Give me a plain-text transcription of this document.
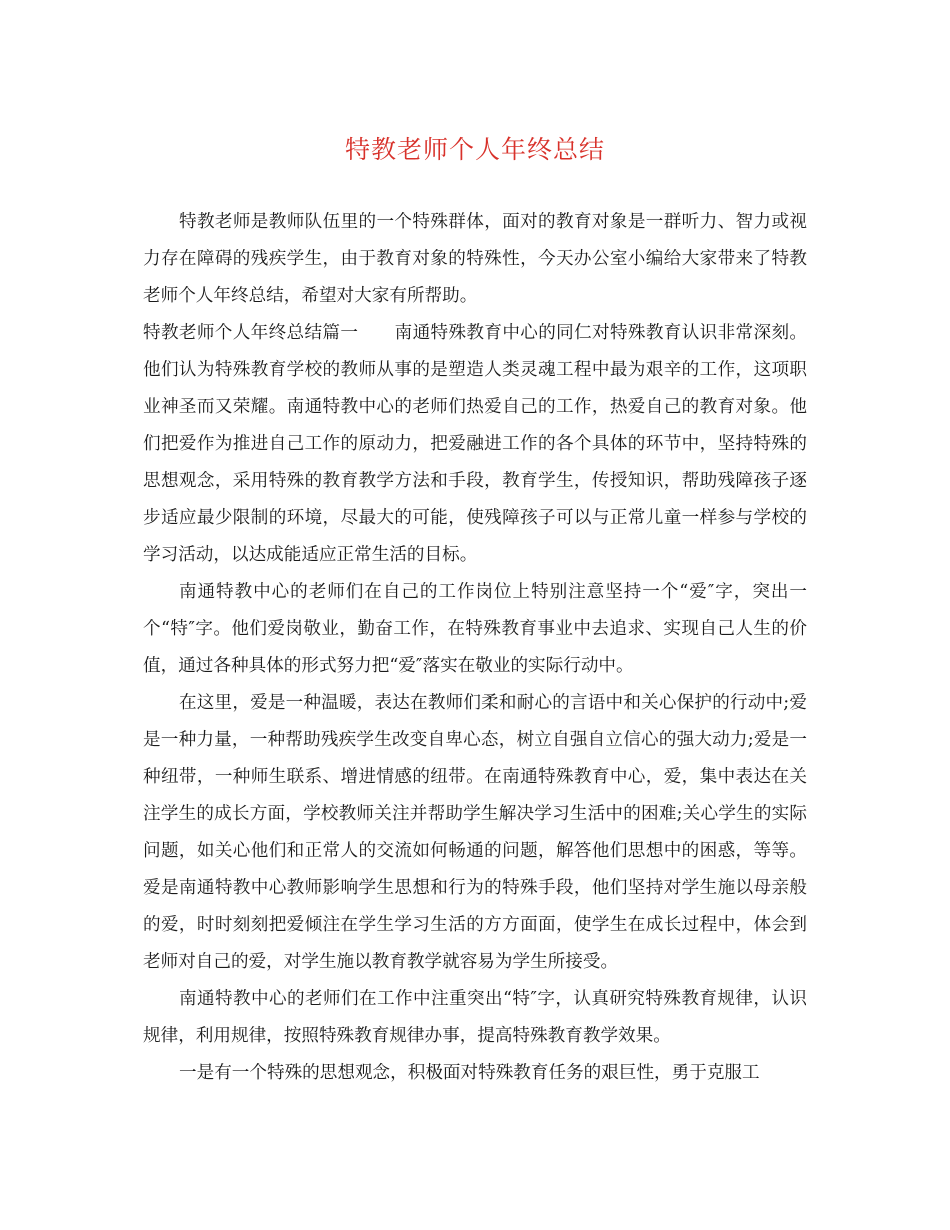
特教老师个人年终总结

特教老师是教师队伍里的一个特殊群体，面对的教育对象是一群听力、智力或视力存在障碍的残疾学生，由于教育对象的特殊性，今天办公室小编给大家带来了特教老师个人年终总结，希望对大家有所帮助。

特教老师个人年终总结篇一 南通特殊教育中心的同仁对特殊教育认识非常深刻。他们认为特殊教育学校的教师从事的是塑造人类灵魂工程中最为艰辛的工作，这项职业神圣而又荣耀。南通特教中心的老师们热爱自己的工作，热爱自己的教育对象。他们把爱作为推进自己工作的原动力，把爱融进工作的各个具体的环节中，坚持特殊的思想观念，采用特殊的教育教学方法和手段，教育学生，传授知识，帮助残障孩子逐步适应最少限制的环境，尽最大的可能，使残障孩子可以与正常儿童一样参与学校的学习活动，以达成能适应正常生活的目标。

南通特教中心的老师们在自己的工作岗位上特别注意坚持一个“爱″字，突出一个“特″字。他们爱岗敬业，勤奋工作，在特殊教育事业中去追求、实现自己人生的价值，通过各种具体的形式努力把“爱″落实在敬业的实际行动中。

在这里，爱是一种温暖，表达在教师们柔和耐心的言语中和关心保护的行动中;爱是一种力量，一种帮助残疾学生改变自卑心态，树立自强自立信心的强大动力;爱是一种纽带，一种师生联系、增进情感的纽带。在南通特殊教育中心，爱，集中表达在关注学生的成长方面，学校教师关注并帮助学生解决学习生活中的困难;关心学生的实际问题，如关心他们和正常人的交流如何畅通的问题，解答他们思想中的困惑，等等。爱是南通特教中心教师影响学生思想和行为的特殊手段，他们坚持对学生施以母亲般的爱，时时刻刻把爱倾注在学生学习生活的方方面面，使学生在成长过程中，体会到老师对自己的爱，对学生施以教育教学就容易为学生所接受。

南通特教中心的老师们在工作中注重突出“特″字，认真研究特殊教育规律，认识规律，利用规律，按照特殊教育规律办事，提高特殊教育教学效果。

一是有一个特殊的思想观念，积极面对特殊教育任务的艰巨性，勇于克服工
